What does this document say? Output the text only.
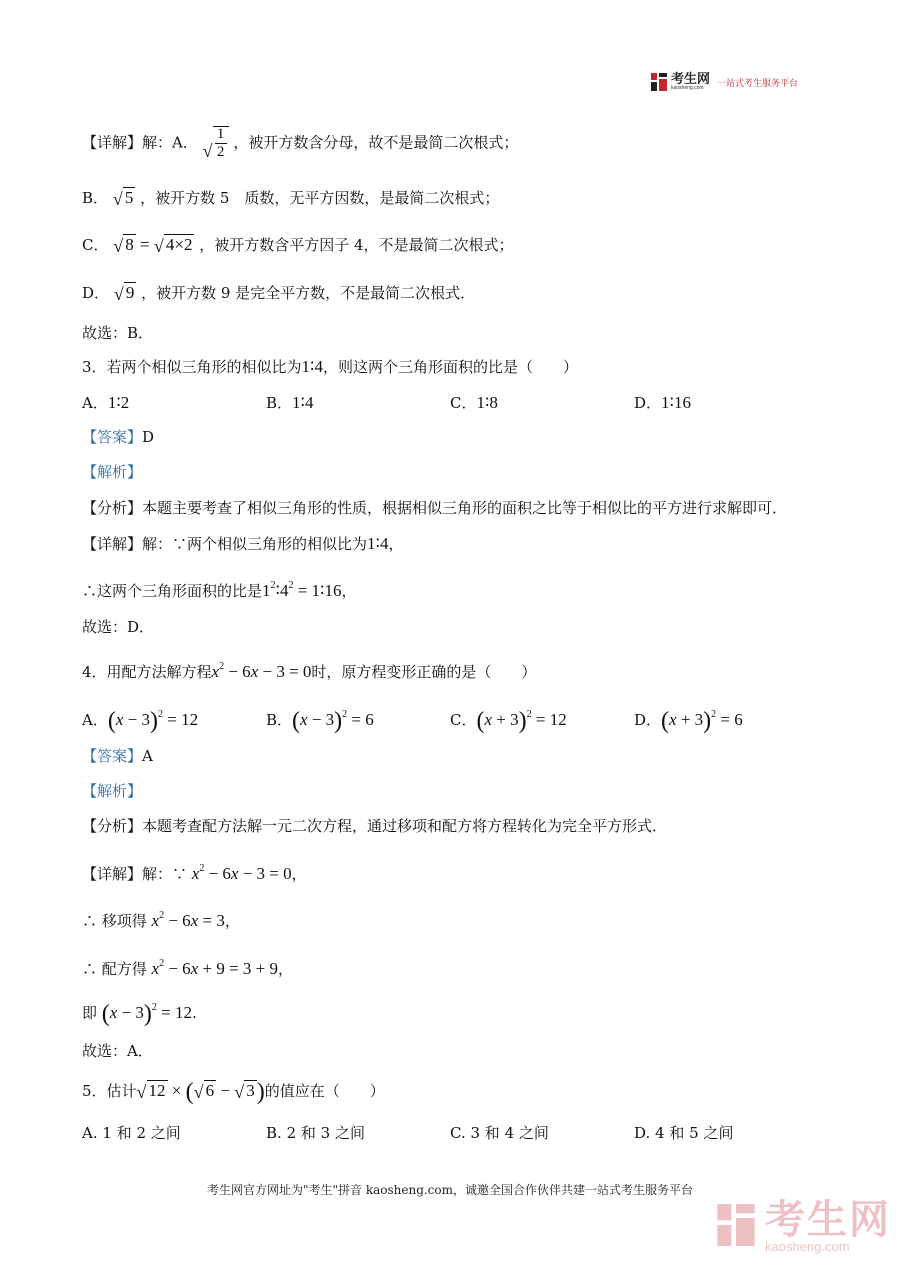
考生网
kaosheng.com
一站式考生服务平台
【详解】解：A． √ $\frac{1}{2}$ ，被开方数含分母，故不是最简二次根式；
B． √ 5 ，被开方数 5　质数，无平方因数，是最简二次根式；
C． √ 8 = √ 4×2 ，被开方数含平方因子 4，不是最简二次根式；
D． √ 9 ，被开方数 9 是完全平方数，不是最简二次根式．
故选：B．
3．若两个相似三角形的相似比为1∶4，则这两个三角形面积的比是（　　）
A．1∶2	B．1∶4	C．1∶8	D．1∶16
【答案】D
【解析】
【分析】本题主要考查了相似三角形的性质，根据相似三角形的面积之比等于相似比的平方进行求解即可．
【详解】解：∵两个相似三角形的相似比为1∶4，
∴这两个三角形面积的比是$1^2∶4^2$ = 1∶16，
故选：D．
4．用配方法解方程$x^2 - 6x - 3 = 0$时，原方程变形正确的是（　　）
A．$(x - 3)^2 = 12$	B．$(x - 3)^2 = 6$	C．$(x + 3)^2 = 12$	D．$(x + 3)^2 = 6$
【答案】A
【解析】
【分析】本题考查配方法解一元二次方程，通过移项和配方将方程转化为完全平方形式．
【详解】解：∵ $x^2 - 6x - 3 = 0$，
∴ 移项得 $x^2 - 6x = 3$，
∴ 配方得 $x^2 - 6x + 9 = 3 + 9$，
即 $(x - 3)^2 = 12$.
故选：A．
5．估计 √ 12 × ( √ 6 − √ 3)的值应在（　　）
A. 1 和 2 之间	B. 2 和 3 之间	C. 3 和 4 之间	D. 4 和 5 之间
考生网官方网址为"考生"拼音 kaosheng.com，诚邀全国合作伙伴共建一站式考生服务平台
考生网
kaosheng.com
